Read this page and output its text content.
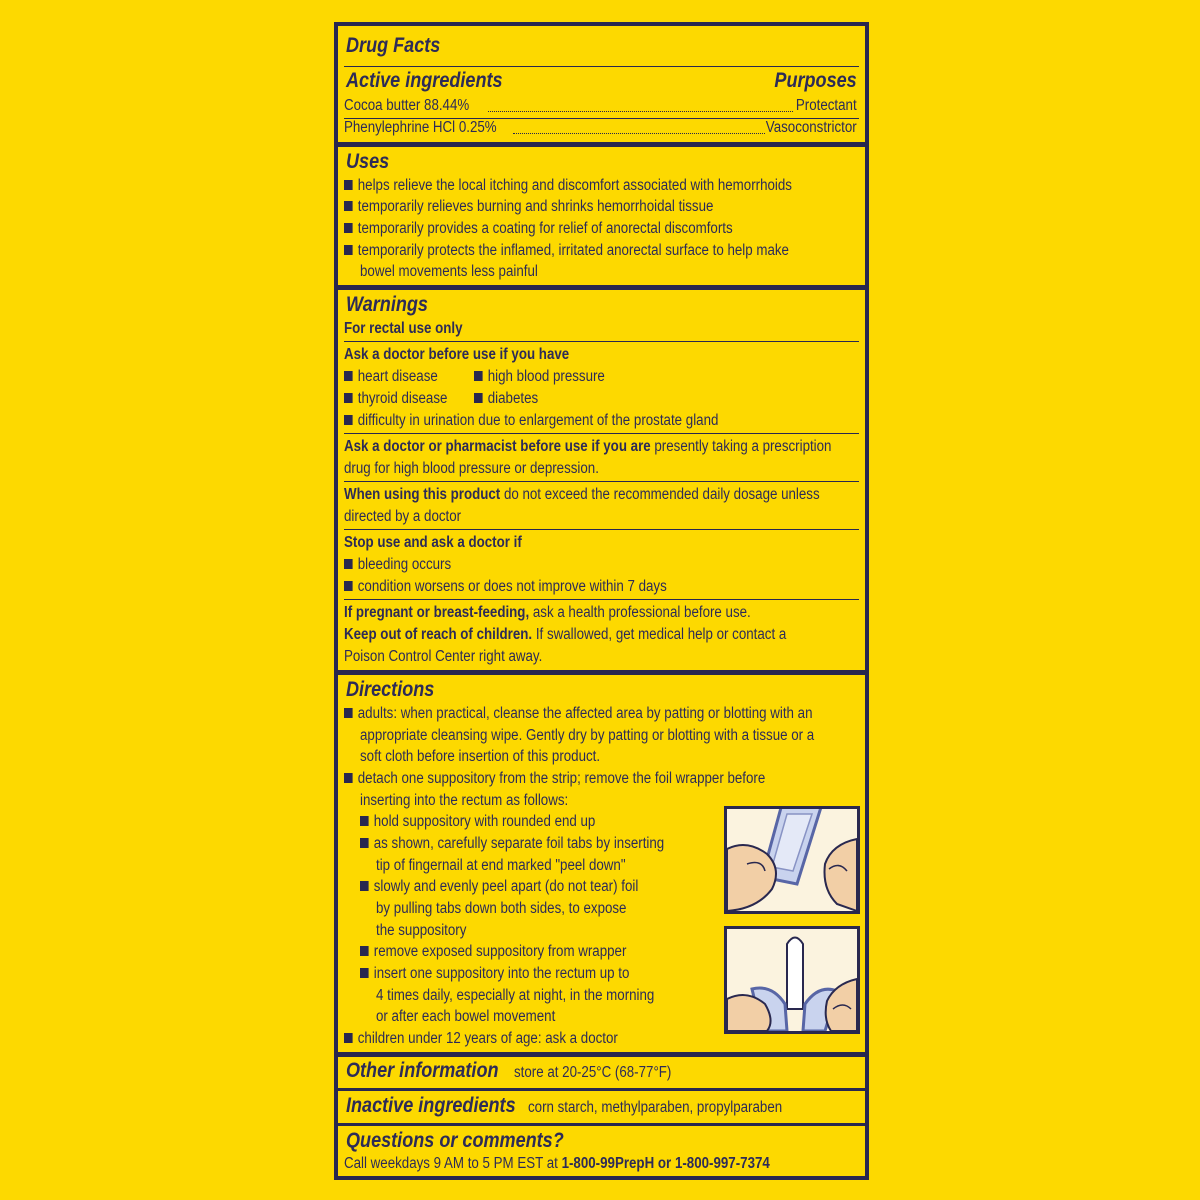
Drug Facts
Active ingredients	Purposes
Cocoa butter 88.44%	Protectant
Phenylephrine HCl 0.25%	Vasoconstrictor
Uses
helps relieve the local itching and discomfort associated with hemorrhoids
temporarily relieves burning and shrinks hemorrhoidal tissue
temporarily provides a coating for relief of anorectal discomforts
temporarily protects the inflamed, irritated anorectal surface to help make
bowel movements less painful
Warnings
For rectal use only
Ask a doctor before use if you have
heart disease	high blood pressure
thyroid disease	diabetes
difficulty in urination due to enlargement of the prostate gland
Ask a doctor or pharmacist before use if you are presently taking a prescription
drug for high blood pressure or depression.
When using this product do not exceed the recommended daily dosage unless
directed by a doctor
Stop use and ask a doctor if
bleeding occurs
condition worsens or does not improve within 7 days
If pregnant or breast-feeding, ask a health professional before use.
Keep out of reach of children. If swallowed, get medical help or contact a
Poison Control Center right away.
Directions
adults: when practical, cleanse the affected area by patting or blotting with an
appropriate cleansing wipe. Gently dry by patting or blotting with a tissue or a
soft cloth before insertion of this product.
detach one suppository from the strip; remove the foil wrapper before
inserting into the rectum as follows:
hold suppository with rounded end up
as shown, carefully separate foil tabs by inserting
tip of fingernail at end marked "peel down"
slowly and evenly peel apart (do not tear) foil
by pulling tabs down both sides, to expose
the suppository
remove exposed suppository from wrapper
insert one suppository into the rectum up to
4 times daily, especially at night, in the morning
or after each bowel movement
children under 12 years of age: ask a doctor
Other information store at 20-25°C (68-77°F)
Inactive ingredients corn starch, methylparaben, propylparaben
Questions or comments?
Call weekdays 9 AM to 5 PM EST at 1-800-99PrepH or 1-800-997-7374
